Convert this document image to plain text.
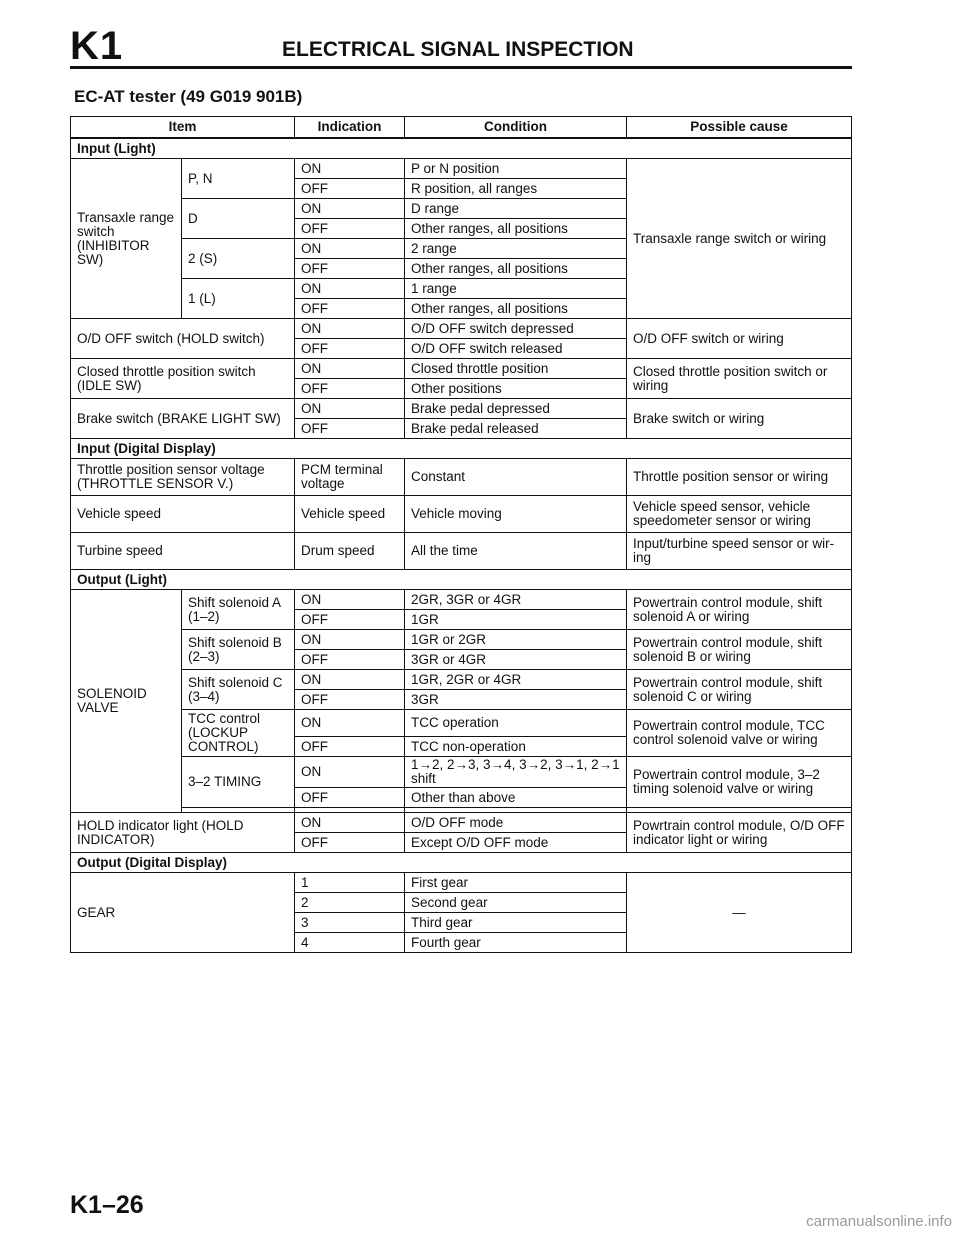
K1	ELECTRICAL SIGNAL INSPECTION
EC-AT tester (49 G019 901B)
Item		Indication	Condition	Possible cause
Input (Light)				
Transaxle range switch (INHIBITOR SW)	P, N	ON	P or N position	Transaxle range switch or wiring
		OFF	R position, all ranges	
	D	ON	D range	
		OFF	Other ranges, all positions	
	2 (S)	ON	2 range	
		OFF	Other ranges, all positions	
	1 (L)	ON	1 range	
		OFF	Other ranges, all positions	
O/D OFF switch (HOLD switch)		ON	O/D OFF switch depressed	O/D OFF switch or wiring
		OFF	O/D OFF switch released	
Closed throttle position switch (IDLE SW)		ON	Closed throttle position	Closed throttle position switch or wiring
		OFF	Other positions	
Brake switch (BRAKE LIGHT SW)		ON	Brake pedal depressed	Brake switch or wiring
		OFF	Brake pedal released	
Input (Digital Display)				
Throttle position sensor voltage (THROTTLE SENSOR V.)		PCM terminal voltage	Constant	Throttle position sensor or wiring
Vehicle speed		Vehicle speed	Vehicle moving	Vehicle speed sensor, vehicle speedometer sensor or wiring
Turbine speed		Drum speed	All the time	Input/turbine speed sensor or wir-ing
Output (Light)				
SOLENOID VALVE	Shift solenoid A (1–2)	ON	2GR, 3GR or 4GR	Powertrain control module, shift solenoid A or wiring
		OFF	1GR	
	Shift solenoid B (2–3)	ON	1GR or 2GR	Powertrain control module, shift solenoid B or wiring
		OFF	3GR or 4GR	
	Shift solenoid C (3–4)	ON	1GR, 2GR or 4GR	Powertrain control module, shift solenoid C or wiring
		OFF	3GR	
	TCC control (LOCKUP CONTROL)	ON	TCC operation	Powertrain control module, TCC control solenoid valve or wiring
		OFF	TCC non-operation	
	3–2 TIMING	ON	1→2, 2→3, 3→4, 3→2, 3→1, 2→1 shift	Powertrain control module, 3–2 timing solenoid valve or wiring
		OFF	Other than above	

HOLD indicator light (HOLD INDICATOR)		ON	O/D OFF mode	Powrtrain control module, O/D OFF indicator light or wiring
		OFF	Except O/D OFF mode	
Output (Digital Display)				
GEAR		1	First gear	—
		2	Second gear	
		3	Third gear	
		4	Fourth gear	
K1–26
carmanualsonline.info
